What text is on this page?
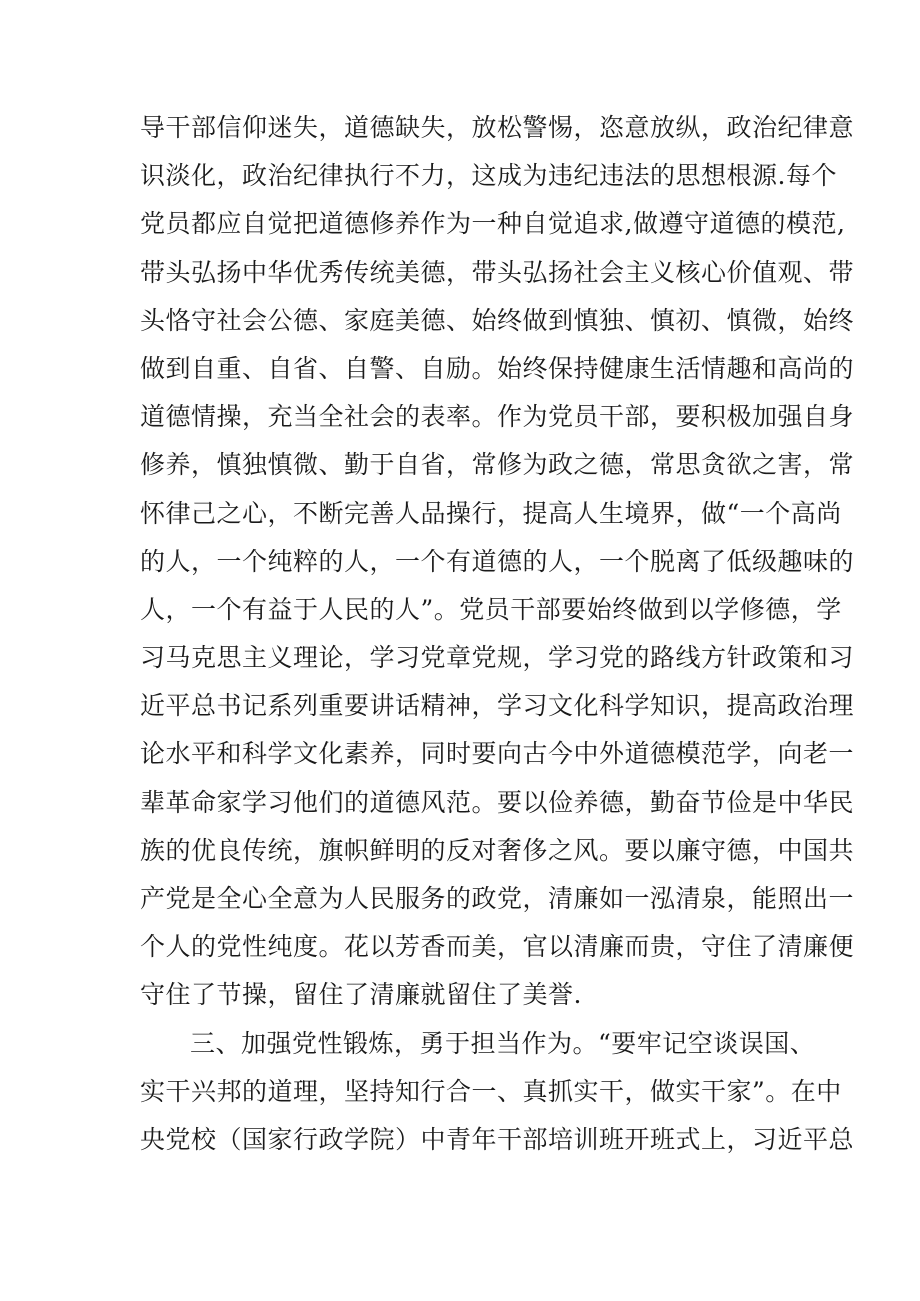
导干部信仰迷失，道德缺失，放松警惕，恣意放纵，政治纪律意
识淡化，政治纪律执行不力，这成为违纪违法的思想根源.每个
党员都应自觉把道德修养作为一种自觉追求,做遵守道德的模范,
带头弘扬中华优秀传统美德，带头弘扬社会主义核心价值观、带
头恪守社会公德、家庭美德、始终做到慎独、慎初、慎微，始终
做到自重、自省、自警、自励。始终保持健康生活情趣和高尚的
道德情操，充当全社会的表率。作为党员干部，要积极加强自身
修养，慎独慎微、勤于自省，常修为政之德，常思贪欲之害，常
怀律己之心，不断完善人品操行，提高人生境界，做“一个高尚
的人，一个纯粹的人，一个有道德的人，一个脱离了低级趣味的
人，一个有益于人民的人”。党员干部要始终做到以学修德，学
习马克思主义理论，学习党章党规，学习党的路线方针政策和习
近平总书记系列重要讲话精神，学习文化科学知识，提高政治理
论水平和科学文化素养，同时要向古今中外道德模范学，向老一
辈革命家学习他们的道德风范。要以俭养德，勤奋节俭是中华民
族的优良传统，旗帜鲜明的反对奢侈之风。要以廉守德，中国共
产党是全心全意为人民服务的政党，清廉如一泓清泉，能照出一
个人的党性纯度。花以芳香而美，官以清廉而贵，守住了清廉便
守住了节操，留住了清廉就留住了美誉.
三、加强党性锻炼，勇于担当作为。“要牢记空谈误国、
实干兴邦的道理，坚持知行合一、真抓实干，做实干家”。在中
央党校（国家行政学院）中青年干部培训班开班式上，习近平总
